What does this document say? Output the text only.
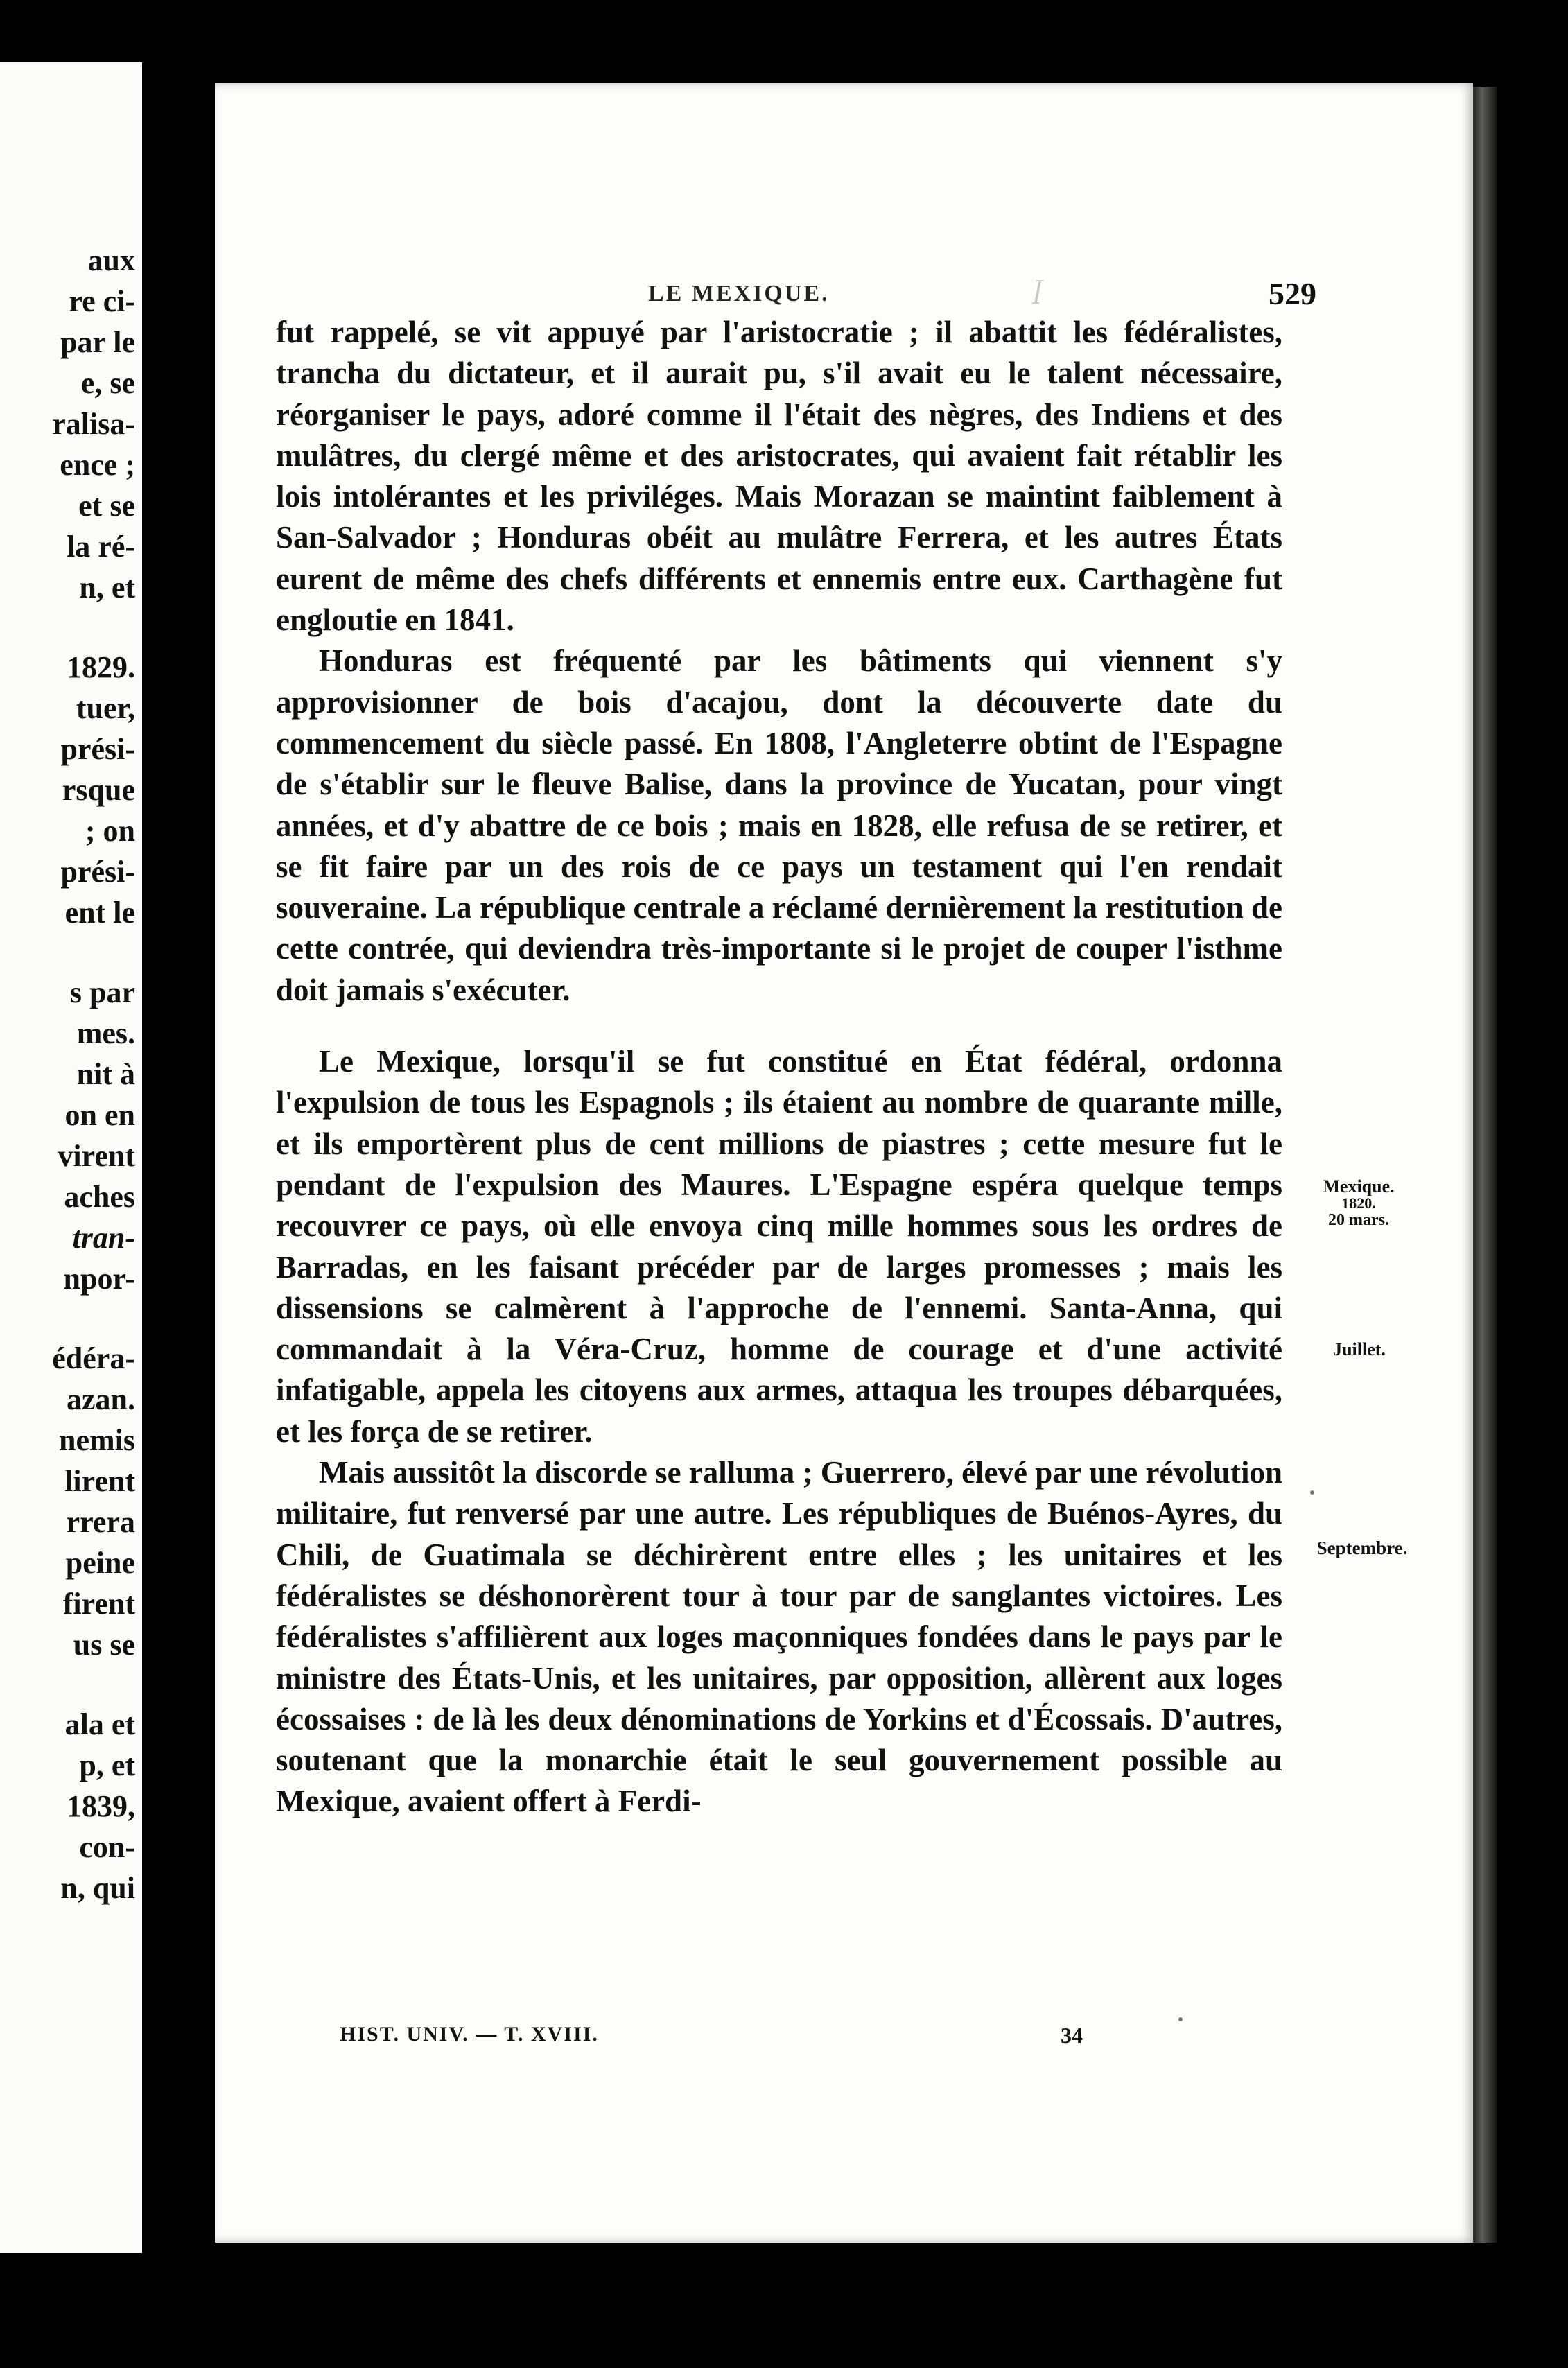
aux
re ci-
par le
e, se
ralisa-
ence ;
et se
la ré-
n, et
1829.
tuer,
prési-
rsque
; on
prési-
ent le
s par
mes.
nit à
on en
virent
aches
tran-
npor-
édéra-
azan.
nemis
lirent
rrera
peine
firent
us se
ala et
p, et
1839,
con-
n, qui
ꟾ
LE MEXIQUE.	529

fut rappelé, se vit appuyé par l'aristocratie ; il abattit les fédéralistes, trancha du dictateur, et il aurait pu, s'il avait eu le talent nécessaire, réorganiser le pays, adoré comme il l'était des nègres, des Indiens et des mulâtres, du clergé même et des aristocrates, qui avaient fait rétablir les lois intolérantes et les priviléges. Mais Morazan se maintint faiblement à San-Salvador ; Honduras obéit au mulâtre Ferrera, et les autres États eurent de même des chefs différents et ennemis entre eux. Carthagène fut engloutie en 1841.

Honduras est fréquenté par les bâtiments qui viennent s'y approvisionner de bois d'acajou, dont la découverte date du commencement du siècle passé. En 1808, l'Angleterre obtint de l'Espagne de s'établir sur le fleuve Balise, dans la province de Yucatan, pour vingt années, et d'y abattre de ce bois ; mais en 1828, elle refusa de se retirer, et se fit faire par un des rois de ce pays un testament qui l'en rendait souveraine. La république centrale a réclamé dernièrement la restitution de cette contrée, qui deviendra très-importante si le projet de couper l'isthme doit jamais s'exécuter.

Le Mexique, lorsqu'il se fut constitué en État fédéral, ordonna l'expulsion de tous les Espagnols ; ils étaient au nombre de quarante mille, et ils emportèrent plus de cent millions de piastres ; cette mesure fut le pendant de l'expulsion des Maures. L'Espagne espéra quelque temps recouvrer ce pays, où elle envoya cinq mille hommes sous les ordres de Barradas, en les faisant précéder par de larges promesses ; mais les dissensions se calmèrent à l'approche de l'ennemi. Santa-Anna, qui commandait à la Véra-Cruz, homme de courage et d'une activité infatigable, appela les citoyens aux armes, attaqua les troupes débarquées, et les força de se retirer.

Mais aussitôt la discorde se ralluma ; Guerrero, élevé par une révolution militaire, fut renversé par une autre. Les républiques de Buénos-Ayres, du Chili, de Guatimala se déchirèrent entre elles ; les unitaires et les fédéralistes se déshonorèrent tour à tour par de sanglantes victoires. Les fédéralistes s'affilièrent aux loges maçonniques fondées dans le pays par le ministre des États-Unis, et les unitaires, par opposition, allèrent aux loges écossaises : de là les deux dénominations de Yorkins et d'Écossais. D'autres, soutenant que la monarchie était le seul gouvernement possible au Mexique, avaient offert à Ferdi-

Mexique.
1820.
20 mars.
Juillet.
Septembre.
HIST. UNIV. — T. XVIII.	34
